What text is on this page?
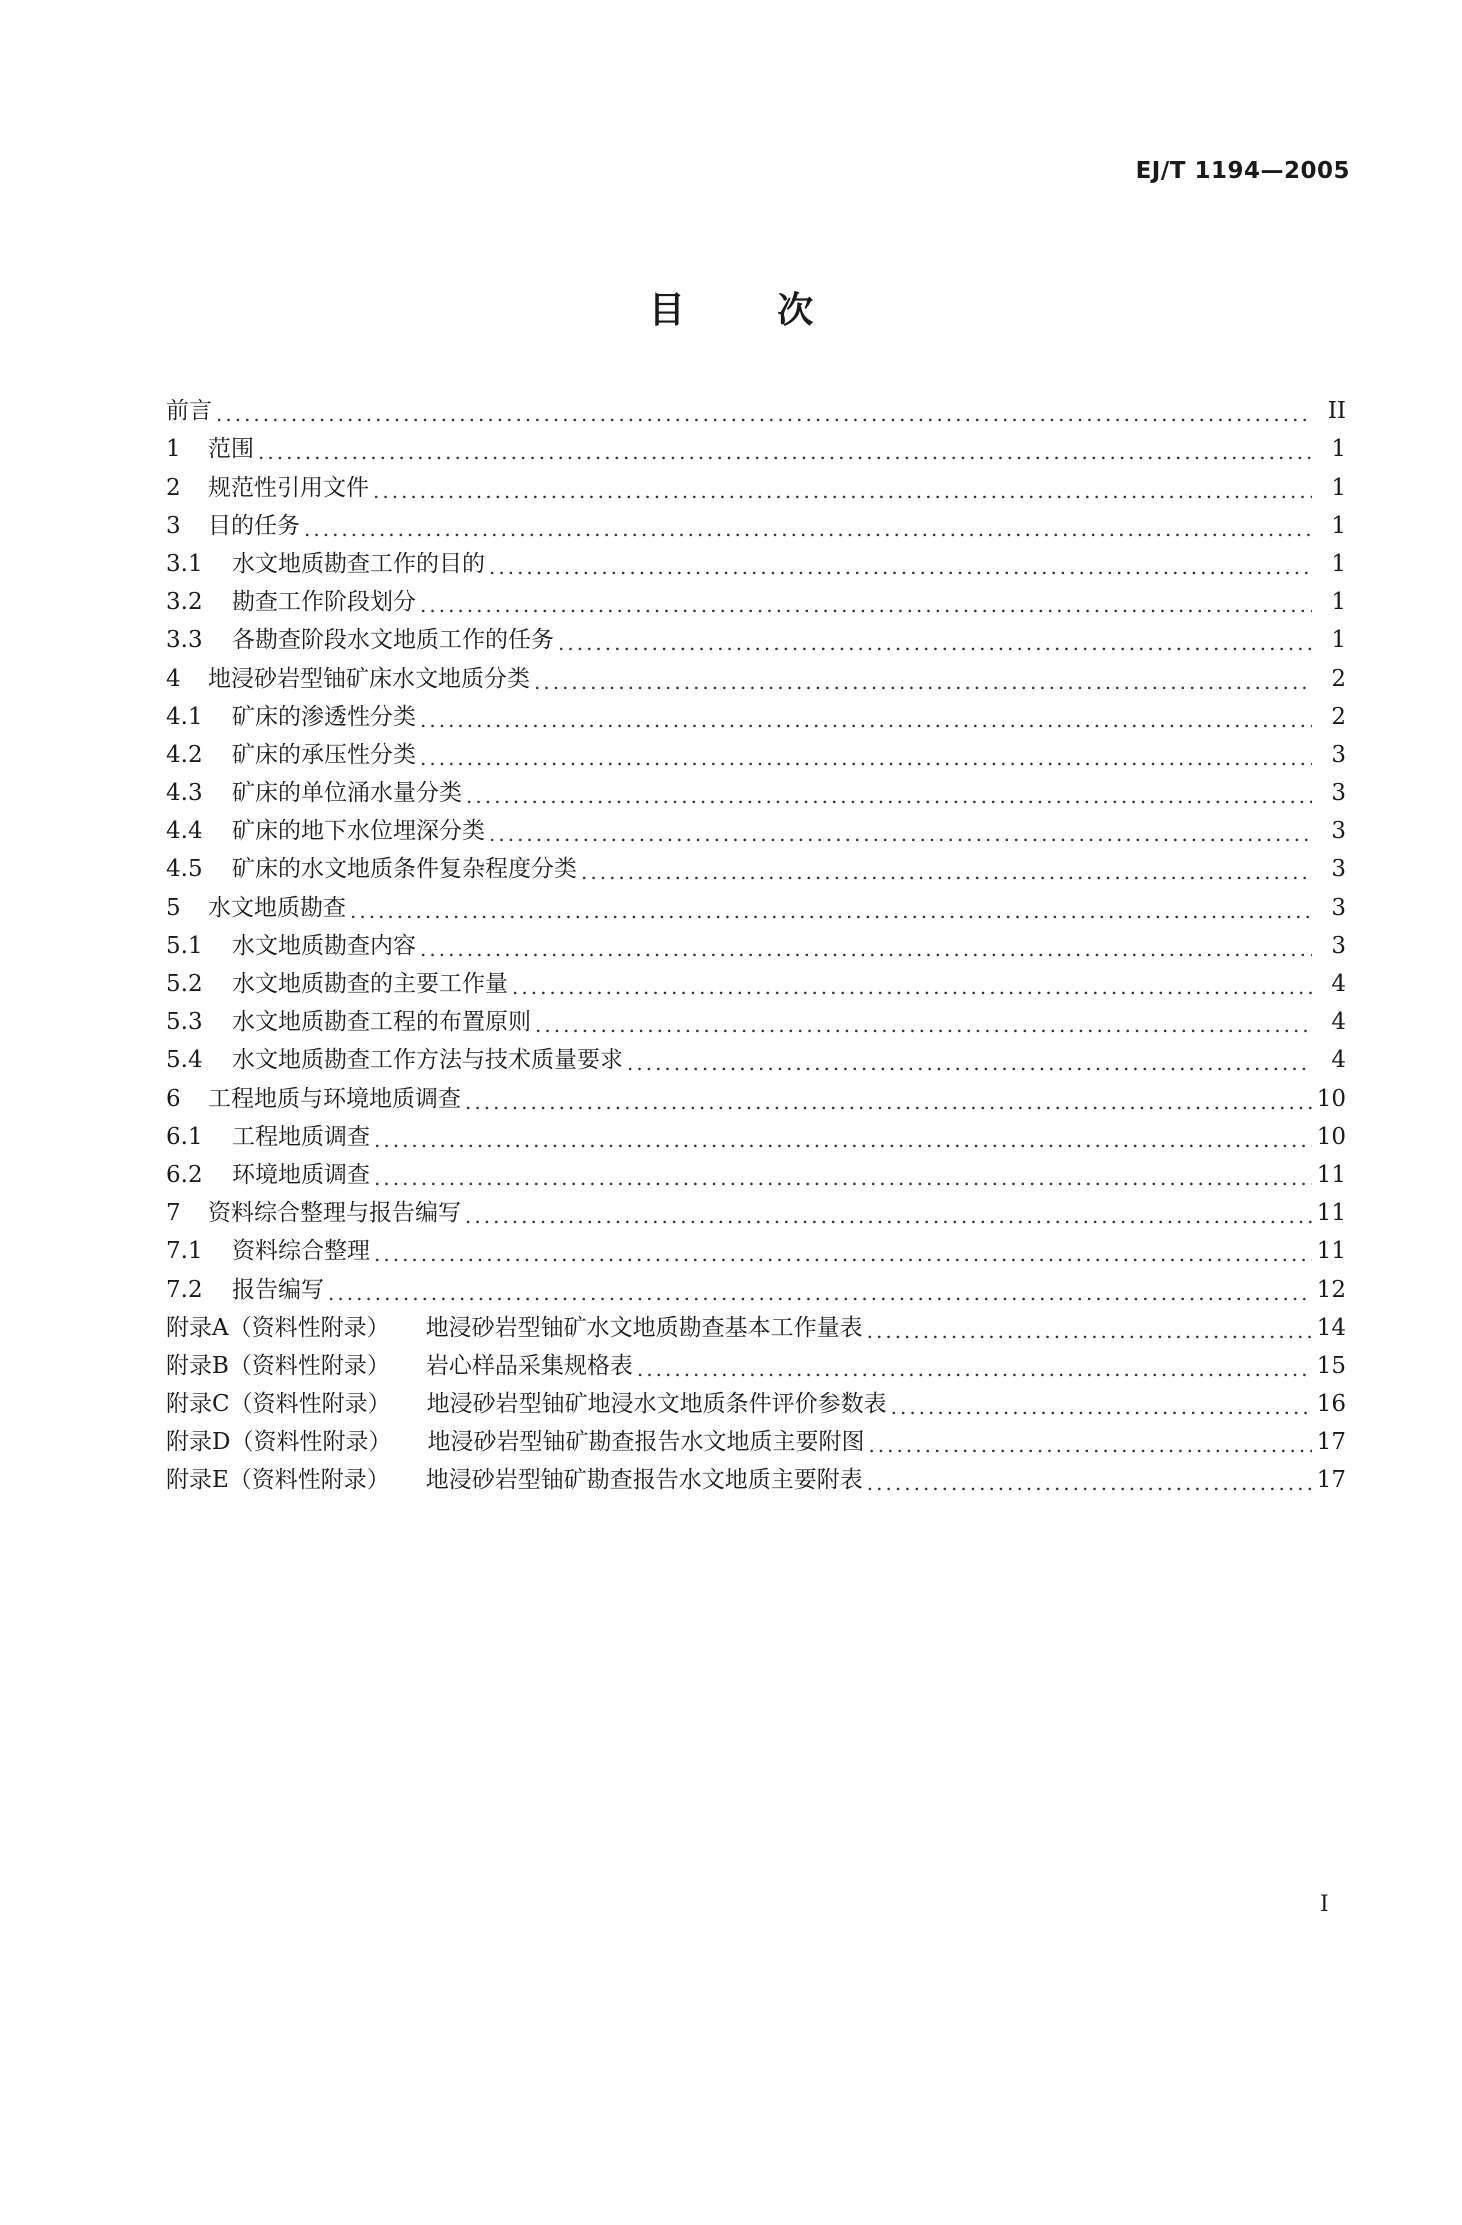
EJ/T 1194—2005
目 次
前言 .....	II
1	范围 .....	1
2	规范性引用文件 .....	1
3	目的任务 .....	1
3.1	水文地质勘查工作的目的 .....	1
3.2	勘查工作阶段划分 .....	1
3.3	各勘查阶段水文地质工作的任务 .....	1
4	地浸砂岩型铀矿床水文地质分类 .....	2
4.1	矿床的渗透性分类 .....	2
4.2	矿床的承压性分类 .....	3
4.3	矿床的单位涌水量分类 .....	3
4.4	矿床的地下水位埋深分类 .....	3
4.5	矿床的水文地质条件复杂程度分类 .....	3
5	水文地质勘查 .....	3
5.1	水文地质勘查内容 .....	3
5.2	水文地质勘查的主要工作量 .....	4
5.3	水文地质勘查工程的布置原则 .....	4
5.4	水文地质勘查工作方法与技术质量要求 .....	4
6	工程地质与环境地质调查 .....	10
6.1	工程地质调查 .....	10
6.2	环境地质调查 .....	11
7	资料综合整理与报告编写 .....	11
7.1	资料综合整理 .....	11
7.2	报告编写 .....	12
附录A（资料性附录） 地浸砂岩型铀矿水文地质勘查基本工作量表 .....	14
附录B（资料性附录） 岩心样品采集规格表 .....	15
附录C（资料性附录） 地浸砂岩型铀矿地浸水文地质条件评价参数表 .....	16
附录D（资料性附录） 地浸砂岩型铀矿勘查报告水文地质主要附图 .....	17
附录E（资料性附录） 地浸砂岩型铀矿勘查报告水文地质主要附表 .....	17
I
